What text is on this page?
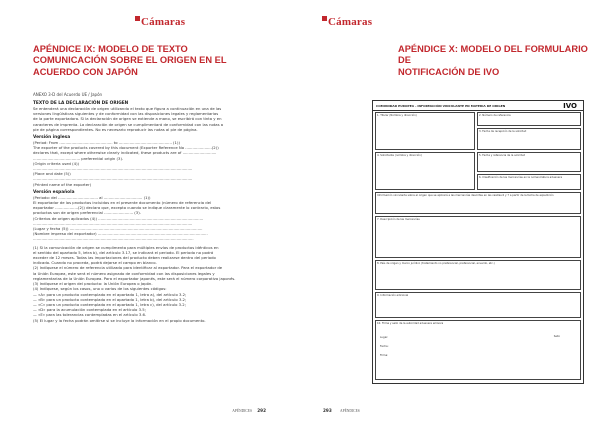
Cámaras
APÉNDICE IX: MODELO DE TEXTO
COMUNICACIÓN SOBRE EL ORIGEN EN EL
ACUERDO CON JAPÓN
ANEXO 3-D del Acuerdo UE / Japón
TEXTO DE LA DECLARACIÓN DE ORIGEN
Se entenderá una declaración de origen utilizando el texto que figura a continuación en una de las
versiones lingüísticas siguientes y de conformidad con las disposiciones legales y reglamentarias
de la parte exportadora. Si la declaración de origen se extiende a mano, se escribirá con tinta y en
caracteres de imprenta. La declaración de origen se cumplimentará de conformidad con las notas a
pie de página correspondientes. No es necesario reproducir las notas al pie de página.
Versión inglesa
(Period: From ............................................ to ............................................ (1))
The exporter of the products covered by this document (Exporter Reference No ......................(2))
declares that, except where otherwise clearly indicated, these products are of ............................
....................................... preferential origin (3).
(Origin criteria used (4))
....................................................................................................................................
(Place and date (5))
....................................................................................................................................
(Printed name of the exporter)
Versión española
(Periodo: del ................................. al ................................ (1))
El exportador de los productos incluidos en el presente documento (número de referencia del
exportador ...................(2)) declara que, excepto cuando se indique claramente lo contrario, estos
productos son de origen preferencial ........................ (3).
(Criterios de origen aplicados (4)) .......................................................................................
....................................................................................................................................
(Lugar y fecha (5)) ..............................................................................................................
(Nombre impreso del exportador) ...........................................................................................
.....................................................................................................................................
(1) Si la comunicación de origen se cumplimenta para múltiples envíos de productos idénticos en
el sentido del apartado 5, letra b), del artículo 3.17, se indicará el periodo. El periodo no podrá
exceder de 12 meses. Todas las importaciones del producto deben realizarse dentro del periodo
indicado. Cuando no proceda, podrá dejarse el campo en blanco.
(2) Indíquese el número de referencia utilizado para identificar al exportador. Para el exportador de
la Unión Europea, este será el número asignado de conformidad con las disposiciones legales y
reglamentarias de la Unión Europea. Para el exportador japonés, este será el número corporativo japonés.
(3) Indíquese el origen del producto: la Unión Europea o Japón.
(4) Indíquese, según los casos, uno o varios de los siguientes códigos:
— «A» para un producto contemplado en el apartado 1, letra a), del artículo 3.2;
— «B» para un producto contemplado en el apartado 1, letra b), del artículo 3.2;
— «C» para un producto contemplado en el apartado 1, letra c), del artículo 3.2;
— «D» para la acumulación contemplada en el artículo 3.5;
— «E» para las tolerancias contempladas en el artículo 3.6.
(5) El lugar y la fecha podrán omitirse si se incluye la información en el propio documento.
APÉNDICES 292
Cámaras
APÉNDICE X: MODELO DEL FORMULARIO DE
NOTIFICACIÓN DE IVO
293 APÉNDICES
COMUNIDAD EUROPEA - INFORMACIÓN VINCULANTE EN MATERIA DE ORIGEN	IVO
1. Titular (Nombre y dirección)	2. Número de referencia
3. Fecha de recepción de la solicitud
4. Solicitante (nombre y dirección)	5. Fecha y referencia de la solicitud
6. Clasificación de las mercancías en la nomenclatura aduanera
Información vinculante sobre el origen que se aplicará a las mercancías descritas en las casillas 6 y 7 a partir de la fecha de expedición
7. Descripción de las mercancías
8. País de origen y marco jurídico (tratamiento no preferencial, preferencial, acuerdo, etc.)
9. Información adicional
10. Firma y sello de la autoridad aduanera emisora
Lugar:
Fecha:
Firma:
Sello
